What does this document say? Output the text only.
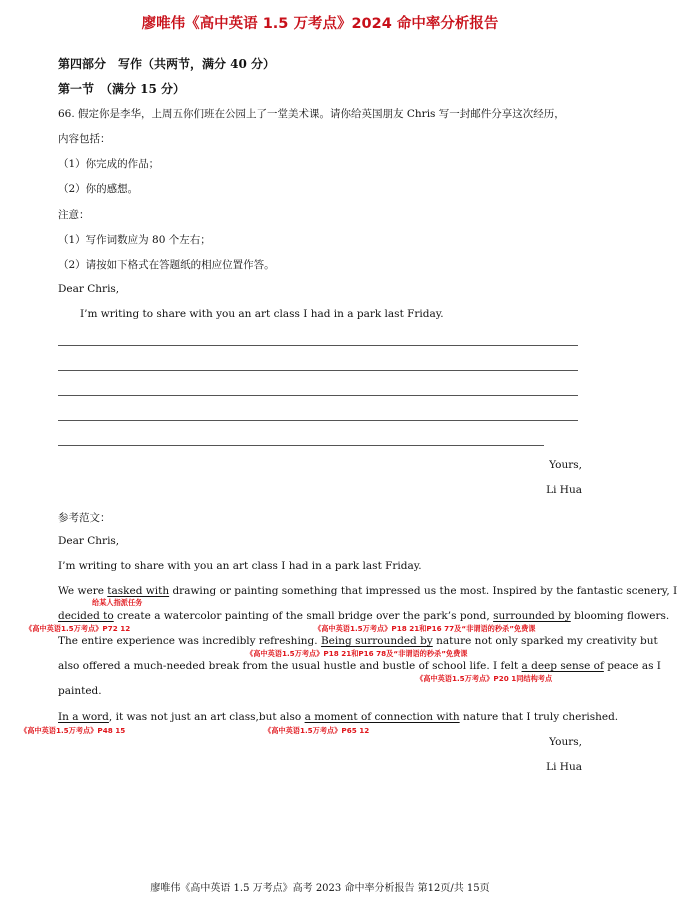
廖唯伟《高中英语 1.5 万考点》2024 命中率分析报告
第四部分　写作（共两节，满分 40 分）
第一节　（满分 15 分）
66. 假定你是李华，上周五你们班在公园上了一堂美术课。请你给英国朋友 Chris 写一封邮件分享这次经历，
内容包括：
（1）你完成的作品；
（2）你的感想。
注意：
（1）写作词数应为 80 个左右；
（2）请按如下格式在答题纸的相应位置作答。
Dear Chris,
I’m writing to share with you an art class I had in a park last Friday.
Yours,
Li Hua
参考范文：
Dear Chris,
I’m writing to share with you an art class I had in a park last Friday.
We were tasked with drawing or painting something that impressed us the most. Inspired by the fantastic scenery, I
给某人指派任务
decided to create a watercolor painting of the small bridge over the park’s pond, surrounded by blooming flowers.
《高中英语1.5万考点》P72 12	《高中英语1.5万考点》P18 21和P16 77及“非谓语的秒杀”免费课
The entire experience was incredibly refreshing. Being surrounded by nature not only sparked my creativity but
《高中英语1.5万考点》P18 21和P16 78及“非谓语的秒杀”免费课
also offered a much-needed break from the usual hustle and bustle of school life. I felt a deep sense of peace as I
《高中英语1.5万考点》P20 1同结构考点
painted.
In a word, it was not just an art class,but also a moment of connection with nature that I truly cherished.
《高中英语1.5万考点》P48 15	《高中英语1.5万考点》P65 12
Yours,
Li Hua
廖唯伟《高中英语 1.5 万考点》高考 2023 命中率分析报告 第12页/共 15页
